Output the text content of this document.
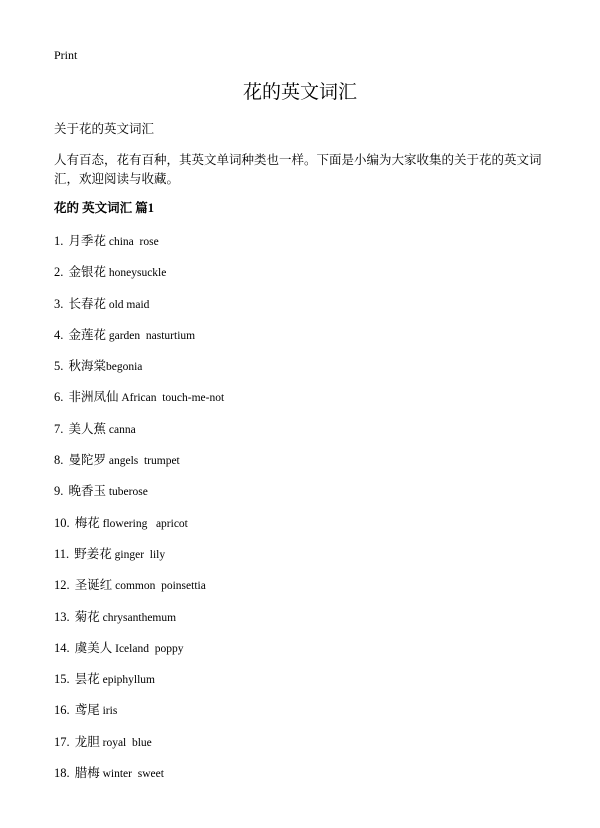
Print
花的英文词汇
关于花的英文词汇
人有百态，花有百种，其英文单词种类也一样。下面是小编为大家收集的关于花的英文词汇，欢迎阅读与收藏。
花的 英文词汇 篇1
1. 月季花 china  rose
2. 金银花 honeysuckle
3. 长春花 old maid
4. 金莲花 garden  nasturtium
5. 秋海棠begonia
6. 非洲凤仙 African  touch-me-not
7. 美人蕉 canna
8. 曼陀罗 angels  trumpet
9. 晚香玉 tuberose
10. 梅花 flowering   apricot
11. 野姜花 ginger  lily
12. 圣诞红 common  poinsettia
13. 菊花 chrysanthemum
14. 虞美人 Iceland  poppy
15. 昙花 epiphyllum
16. 鸢尾 iris
17. 龙胆 royal  blue
18. 腊梅 winter  sweet
